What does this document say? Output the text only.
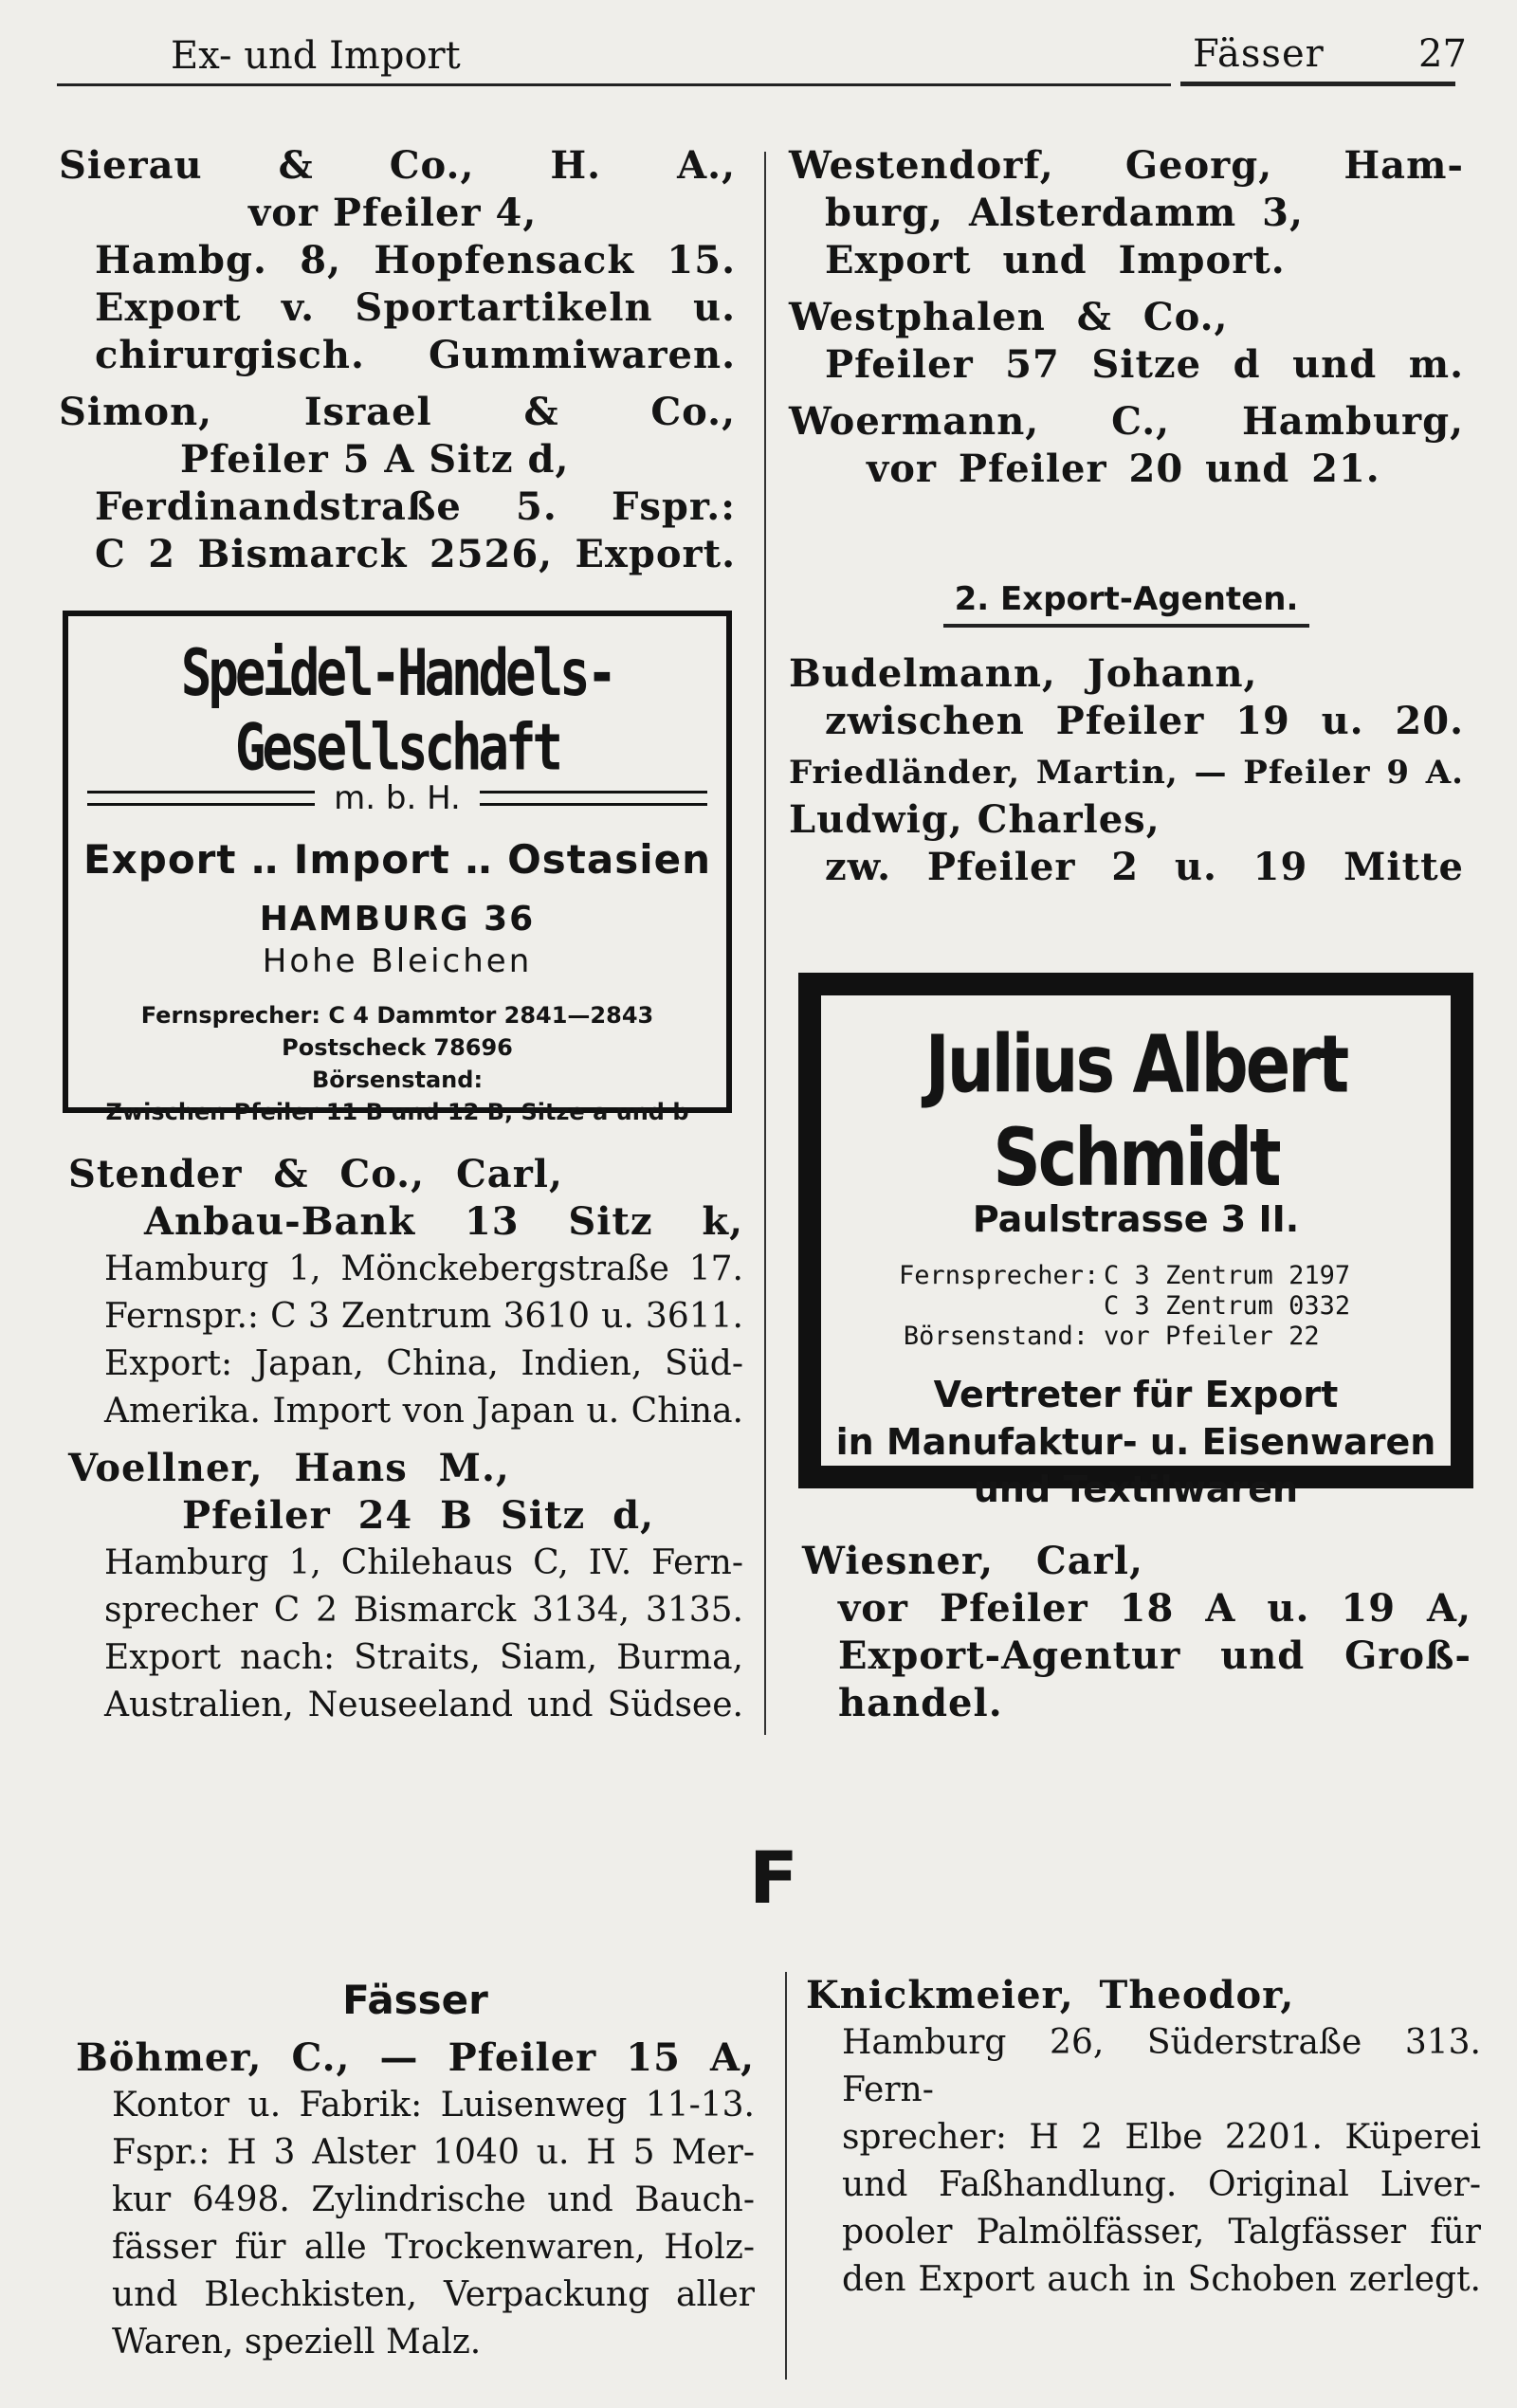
Ex- und Import	Fässer 27
Sierau & Co., H. A.,
vor Pfeiler 4,
Hambg. 8, Hopfensack 15.
Export v. Sportartikeln u.
chirurgisch. Gummiwaren.
Simon, Israel & Co.,
Pfeiler 5 A Sitz d,
Ferdinandstraße 5. Fspr.:
C 2 Bismarck 2526, Export.
Speidel-Handels-Gesellschaft
m. b. H.
Export ‥ Import ‥ Ostasien
HAMBURG 36
Hohe Bleichen
Fernsprecher: C 4 Dammtor 2841—2843
Postscheck 78696
Börsenstand:
Zwischen Pfeiler 11 B und 12 B, Sitze a und b
Stender & Co., Carl,
Anbau-Bank 13 Sitz k,
Hamburg 1, Mönckebergstraße 17.
Fernspr.: C 3 Zentrum 3610 u. 3611.
Export: Japan, China, Indien, Süd-
Amerika. Import von Japan u. China.
Voellner, Hans M.,
Pfeiler 24 B Sitz d,
Hamburg 1, Chilehaus C, IV. Fern-
sprecher C 2 Bismarck 3134, 3135.
Export nach: Straits, Siam, Burma,
Australien, Neuseeland und Südsee.
Westendorf, Georg, Ham-
burg, Alsterdamm 3,
Export und Import.
Westphalen & Co.,
Pfeiler 57 Sitze d und m.
Woermann, C., Hamburg,
vor Pfeiler 20 und 21.
2. Export-Agenten.
Budelmann, Johann,
zwischen Pfeiler 19 u. 20.
Friedländer, Martin, — Pfeiler 9 A.
Ludwig, Charles,
zw. Pfeiler 2 u. 19 Mitte
Julius Albert Schmidt
Paulstrasse 3 II.
Fernsprecher: C 3 Zentrum 2197
C 3 Zentrum 0332
Börsenstand: vor Pfeiler 22
Vertreter für Export
in Manufaktur- u. Eisenwaren
und Textilwaren
Wiesner, Carl,
vor Pfeiler 18 A u. 19 A,
Export-Agentur und Groß-
handel.
F
Fässer
Böhmer, C., — Pfeiler 15 A,
Kontor u. Fabrik: Luisenweg 11-13.
Fspr.: H 3 Alster 1040 u. H 5 Mer-
kur 6498. Zylindrische und Bauch-
fässer für alle Trockenwaren, Holz-
und Blechkisten, Verpackung aller
Waren, speziell Malz.
Knickmeier, Theodor,
Hamburg 26, Süderstraße 313. Fern-
sprecher: H 2 Elbe 2201. Küperei
und Faßhandlung. Original Liver-
pooler Palmölfässer, Talgfässer für
den Export auch in Schoben zerlegt.
